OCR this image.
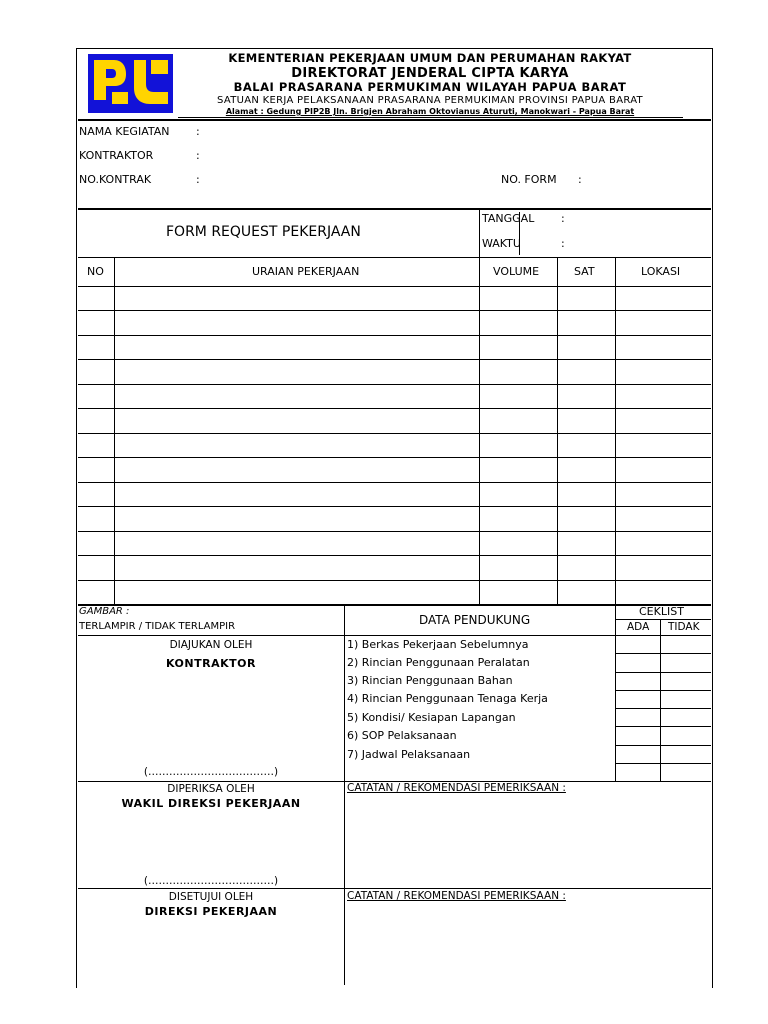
KEMENTERIAN PEKERJAAN UMUM DAN PERUMAHAN RAKYAT
DIREKTORAT JENDERAL CIPTA KARYA
BALAI PRASARANA PERMUKIMAN WILAYAH PAPUA BARAT
SATUAN KERJA PELAKSANAAN PRASARANA PERMUKIMAN PROVINSI PAPUA BARAT
Alamat : Gedung PIP2B Jln. Brigjen Abraham Oktovianus Aturuti, Manokwari - Papua Barat
NAMA KEGIATAN :
KONTRAKTOR	:
NO.KONTRAK	:	NO. FORM :
FORM REQUEST PEKERJAAN
TANGGAL :
WAKTU	:
NO	URAIAN PEKERJAAN	VOLUME	SAT	LOKASI
GAMBAR :
TERLAMPIR / TIDAK TERLAMPIR	DATA PENDUKUNG
CEKLIST
ADA TIDAK
1) Berkas Pekerjaan Sebelumnya
2) Rincian Penggunaan Peralatan
3) Rincian Penggunaan Bahan
4) Rincian Penggunaan Tenaga Kerja
5) Kondisi/ Kesiapan Lapangan
6) SOP Pelaksanaan
7) Jadwal Pelaksanaan
DIAJUKAN OLEH
KONTRAKTOR
(………………………………)
DIPERIKSA OLEH
WAKIL DIREKSI PEKERJAAN
(………………………………)
CATATAN / REKOMENDASI PEMERIKSAAN :
DISETUJUI OLEH
DIREKSI PEKERJAAN
CATATAN / REKOMENDASI PEMERIKSAAN :
